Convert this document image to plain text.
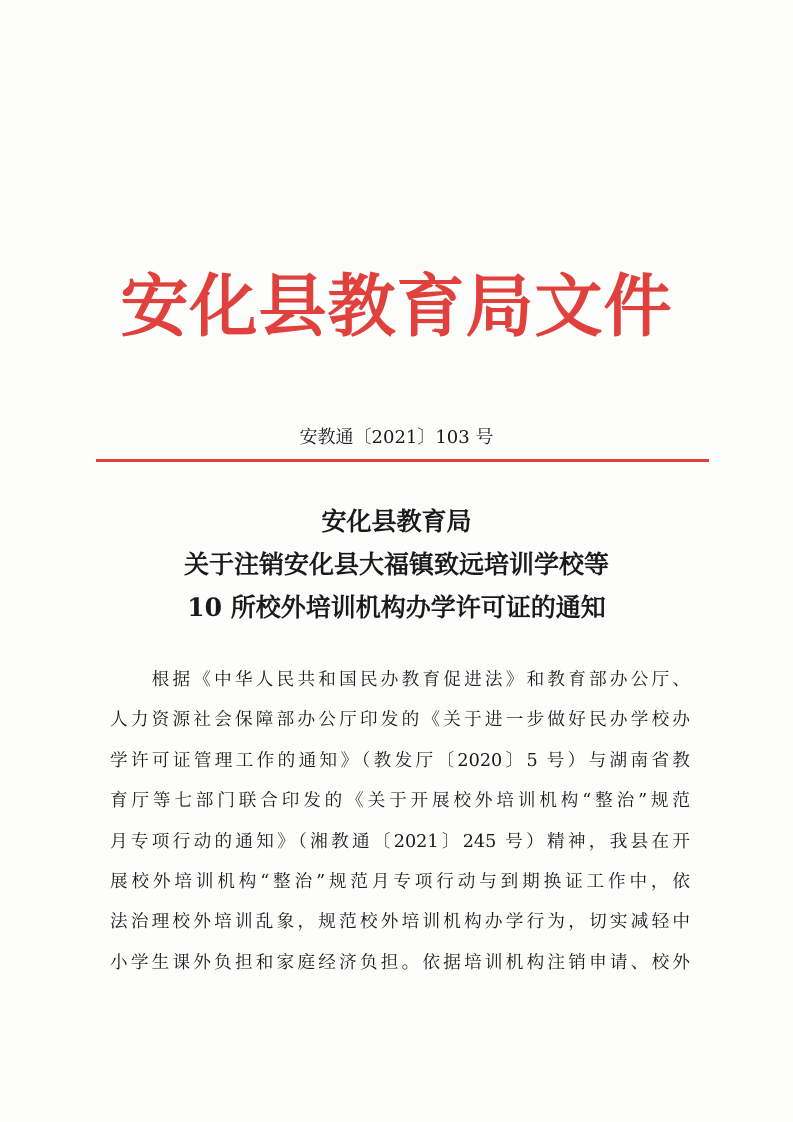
安化县教育局文件
安教通〔2021〕103 号
安化县教育局
关于注销安化县大福镇致远培训学校等
10 所校外培训机构办学许可证的通知
　　根据《中华人民共和国民办教育促进法》和教育部办公厅、
人力资源社会保障部办公厅印发的《关于进一步做好民办学校办
学许可证管理工作的通知》（教发厅〔2020〕5 号）与湖南省教
育厅等七部门联合印发的《关于开展校外培训机构“整治”规范
月专项行动的通知》（湘教通〔2021〕245 号）精神，我县在开
展校外培训机构“整治”规范月专项行动与到期换证工作中，依
法治理校外培训乱象，规范校外培训机构办学行为，切实减轻中
小学生课外负担和家庭经济负担。依据培训机构注销申请、校外
